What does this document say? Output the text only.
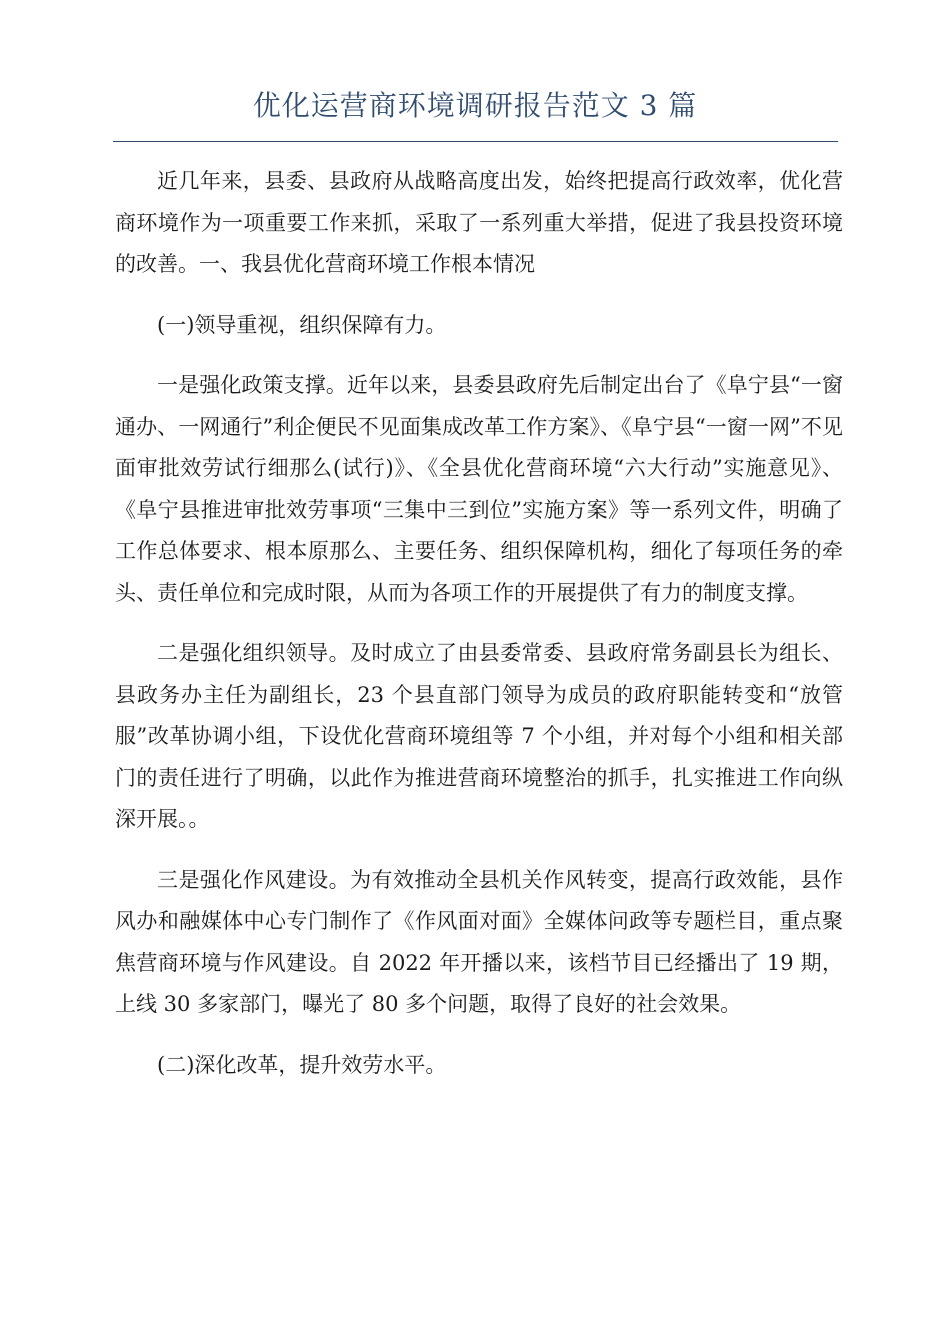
优化运营商环境调研报告范文 3 篇

近几年来，县委、县政府从战略高度出发，始终把提高行政效率，优化营商环境作为一项重要工作来抓，采取了一系列重大举措，促进了我县投资环境的改善。一、我县优化营商环境工作根本情况

(一)领导重视，组织保障有力。

一是强化政策支撑。近年以来，县委县政府先后制定出台了《阜宁县“一窗通办、一网通行”利企便民不见面集成改革工作方案》、《阜宁县“一窗一网”不见面审批效劳试行细那么(试行)》、《全县优化营商环境“六大行动”实施意见》、《阜宁县推进审批效劳事项“三集中三到位”实施方案》等一系列文件，明确了工作总体要求、根本原那么、主要任务、组织保障机构，细化了每项任务的牵头、责任单位和完成时限，从而为各项工作的开展提供了有力的制度支撑。

二是强化组织领导。及时成立了由县委常委、县政府常务副县长为组长、县政务办主任为副组长，23 个县直部门领导为成员的政府职能转变和“放管服”改革协调小组，下设优化营商环境组等 7 个小组，并对每个小组和相关部门的责任进行了明确，以此作为推进营商环境整治的抓手，扎实推进工作向纵深开展。。

三是强化作风建设。为有效推动全县机关作风转变，提高行政效能，县作风办和融媒体中心专门制作了《作风面对面》全媒体问政等专题栏目，重点聚焦营商环境与作风建设。自 2022 年开播以来，该档节目已经播出了 19 期，上线 30 多家部门，曝光了 80 多个问题，取得了良好的社会效果。

(二)深化改革，提升效劳水平。
